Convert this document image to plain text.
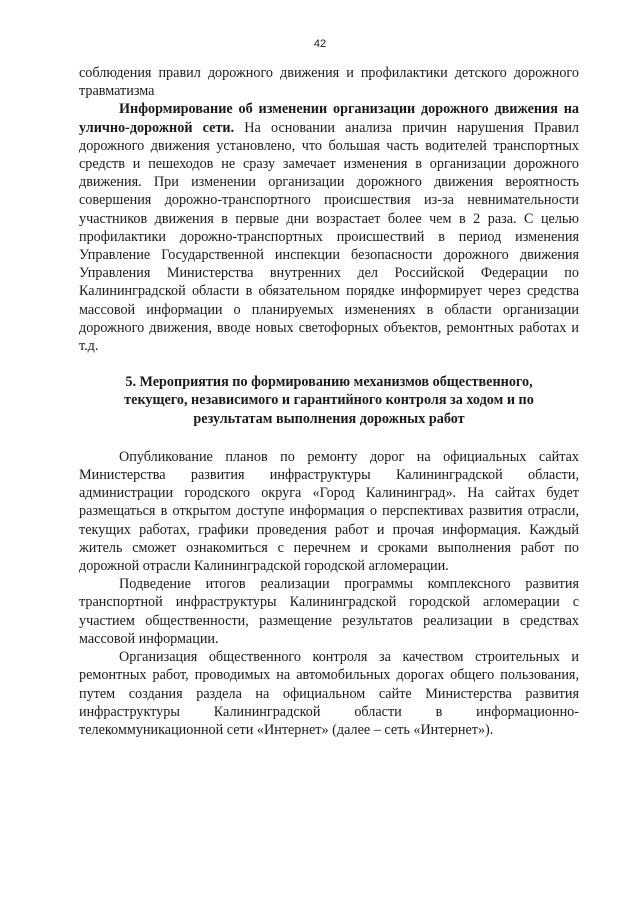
42

соблюдения правил дорожного движения и профилактики детского дорожного травматизма

Информирование об изменении организации дорожного движения на улично-дорожной сети. На основании анализа причин нарушения Правил дорожного движения установлено, что большая часть водителей транспортных средств и пешеходов не сразу замечает изменения в организации дорожного движения. При изменении организации дорожного движения вероятность совершения дорожно-транспортного происшествия из-за невнимательности участников движения в первые дни возрастает более чем в 2 раза. С целью профилактики дорожно-транспортных происшествий в период изменения Управление Государственной инспекции безопасности дорожного движения Управления Министерства внутренних дел Российской Федерации по Калининградской области в обязательном порядке информирует через средства массовой информации о планируемых изменениях в области организации дорожного движения, вводе новых светофорных объектов, ремонтных работах и т.д.

5. Мероприятия по формированию механизмов общественного, текущего, независимого и гарантийного контроля за ходом и по результатам выполнения дорожных работ

Опубликование планов по ремонту дорог на официальных сайтах Министерства развития инфраструктуры Калининградской области, администрации городского округа «Город Калининград». На сайтах будет размещаться в открытом доступе информация о перспективах развития отрасли, текущих работах, графики проведения работ и прочая информация. Каждый житель сможет ознакомиться с перечнем и сроками выполнения работ по дорожной отрасли Калининградской городской агломерации.

Подведение итогов реализации программы комплексного развития транспортной инфраструктуры Калининградской городской агломерации с участием общественности, размещение результатов реализации в средствах массовой информации.

Организация общественного контроля за качеством строительных и ремонтных работ, проводимых на автомобильных дорогах общего пользования, путем создания раздела на официальном сайте Министерства развития инфраструктуры Калининградской области в информационно-телекоммуникационной сети «Интернет» (далее – сеть «Интернет»).
